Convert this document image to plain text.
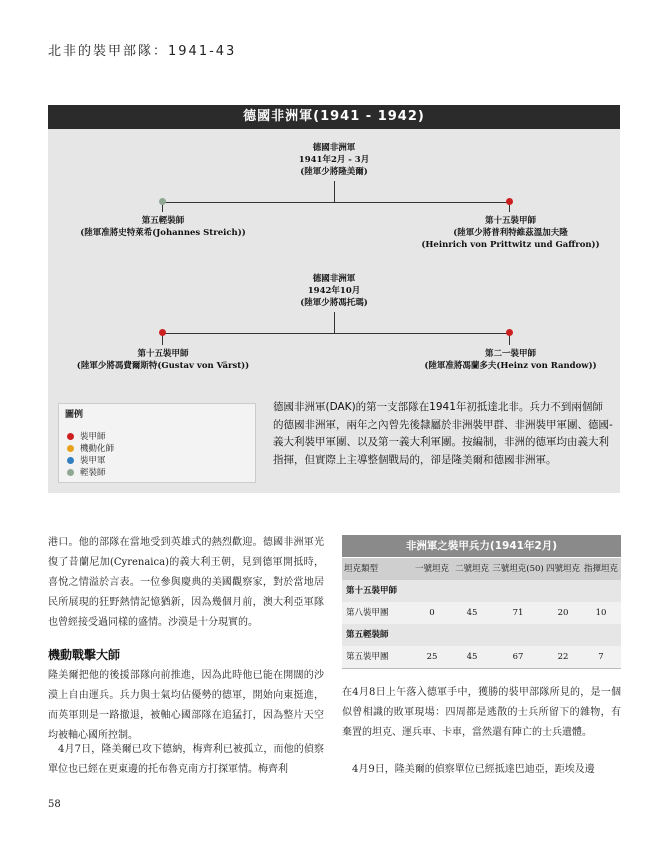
北非的裝甲部隊：1941-43
德國非洲軍(1941 - 1942)
德國非洲軍
1941年2月 - 3月
(陸軍少將隆美爾)
第五輕裝師
(陸軍准將史特萊希(Johannes Streich))
第十五裝甲師
(陸軍少將普利特維茲溫加夫隆
(Heinrich von Prittwitz und Gaffron))
德國非洲軍
1942年10月
(陸軍少將馮托瑪)
第十五裝甲師
(陸軍少將馮費爾斯特(Gustav von Värst))
第二一裝甲師
(陸軍准將馮蘭多夫(Heinz von Randow))
圖例
裝甲師
機動化師
裝甲軍
輕裝師
德國非洲軍(DAK)的第一支部隊在1941年初抵達北非。兵力不到兩個師的德國非洲軍，兩年之內曾先後隸屬於非洲裝甲群、非洲裝甲軍團、德國-義大利裝甲軍團、以及第一義大利軍團。按編制，非洲的德軍均由義大利指揮，但實際上主導整個戰局的，卻是隆美爾和德國非洲軍。
港口。他的部隊在當地受到英雄式的熱烈歡迎。德國非洲軍光復了昔蘭尼加(Cyrenaica)的義大利王朝，見到德軍開抵時，喜悅之情溢於言表。一位參與慶典的美國觀察家，對於當地居民所展現的狂野熱情記憶猶新，因為幾個月前，澳大利亞軍隊也曾經接受過同樣的盛情。沙漠是十分現實的。
機動戰擊大師
隆美爾把他的後援部隊向前推進，因為此時他已能在開闊的沙漠上自由運兵。兵力與士氣均佔優勢的德軍，開始向東挺進，而英軍則是一路撤退，被軸心國部隊在追猛打，因為整片天空均被軸心國所控制。
4月7日，隆美爾已攻下德納，梅齊利已被孤立，而他的偵察單位也已經在更東邊的托布魯克南方打探軍情。梅齊利
非洲軍之裝甲兵力(1941年2月)
坦克類型	一號坦克 二號坦克 三號坦克(50) 四號坦克 指揮坦克
第十五裝甲師
第八裝甲團	0	45	71	20	10
第五輕裝師
第五裝甲團	25	45	67	22	7
在4月8日上午落入德軍手中，獲勝的裝甲部隊所見的，是一個似曾相識的敗軍現場：四周都是逃散的士兵所留下的雜物，有棄置的坦克、運兵車、卡車，當然還有陣亡的士兵遺體。
4月9日，隆美爾的偵察單位已經抵達巴迪亞，距埃及邊
58
